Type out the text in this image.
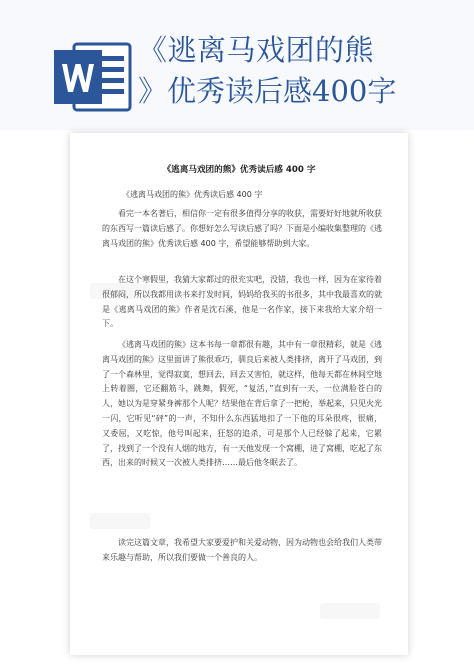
《逃离马戏团的熊
》优秀读后感400字
《逃离马戏团的熊》优秀读后感 400 字
《逃离马戏团的熊》优秀读后感 400 字
看完一本名著后，相信你一定有很多值得分享的收获，需要好好地就所收获的东西写一篇读后感了。你想好怎么写读后感了吗？下面是小编收集整理的《逃离马戏团的熊》优秀读后感 400 字，希望能够帮助到大家。
在这个寒假里，我猜大家都过的很充实吧，没错，我也一样，因为在家待着很郁闷，所以我都用读书来打发时间，妈妈给我买的书很多，其中我最喜欢的就是《逃离马戏团的熊》作者是沈石溪，他是一名作家，接下来我给大家介绍一下。
《逃离马戏团的熊》这本书每一章都很有趣，其中有一章很精彩，就是《逃离马戏团的熊》这里面讲了熊很乖巧，驯良后来被人类排挤，离开了马戏团，到了一个森林里，觉得寂寞，想回去，回去又害怕，就这样，他每天都在林间空地上转着圈，它还翻筋斗，跳舞，假死，“复活，”直到有一天，一位满脸苍白的人，她以为是穿紧身裤那个人呢？结果他在背后拿了一把枪，举起来，只见火光一闪，它听见“砰”的一声，不知什么东西猛地扣了一下他的耳朵很疼，很痛，又委屈，又吃惊，他号叫起来，狂怒的追杀，可是那个人已经躲了起来，它累了，找到了一个没有人烟的地方，有一天他发现一个窝棚，进了窝棚，吃起了东西，出来的时候又一次被人类排挤……最后他冬眠去了。
读完这篇文章，我希望大家要爱护和关爱动物，因为动物也会给我们人类带来乐趣与帮助，所以我们要做一个善良的人。
